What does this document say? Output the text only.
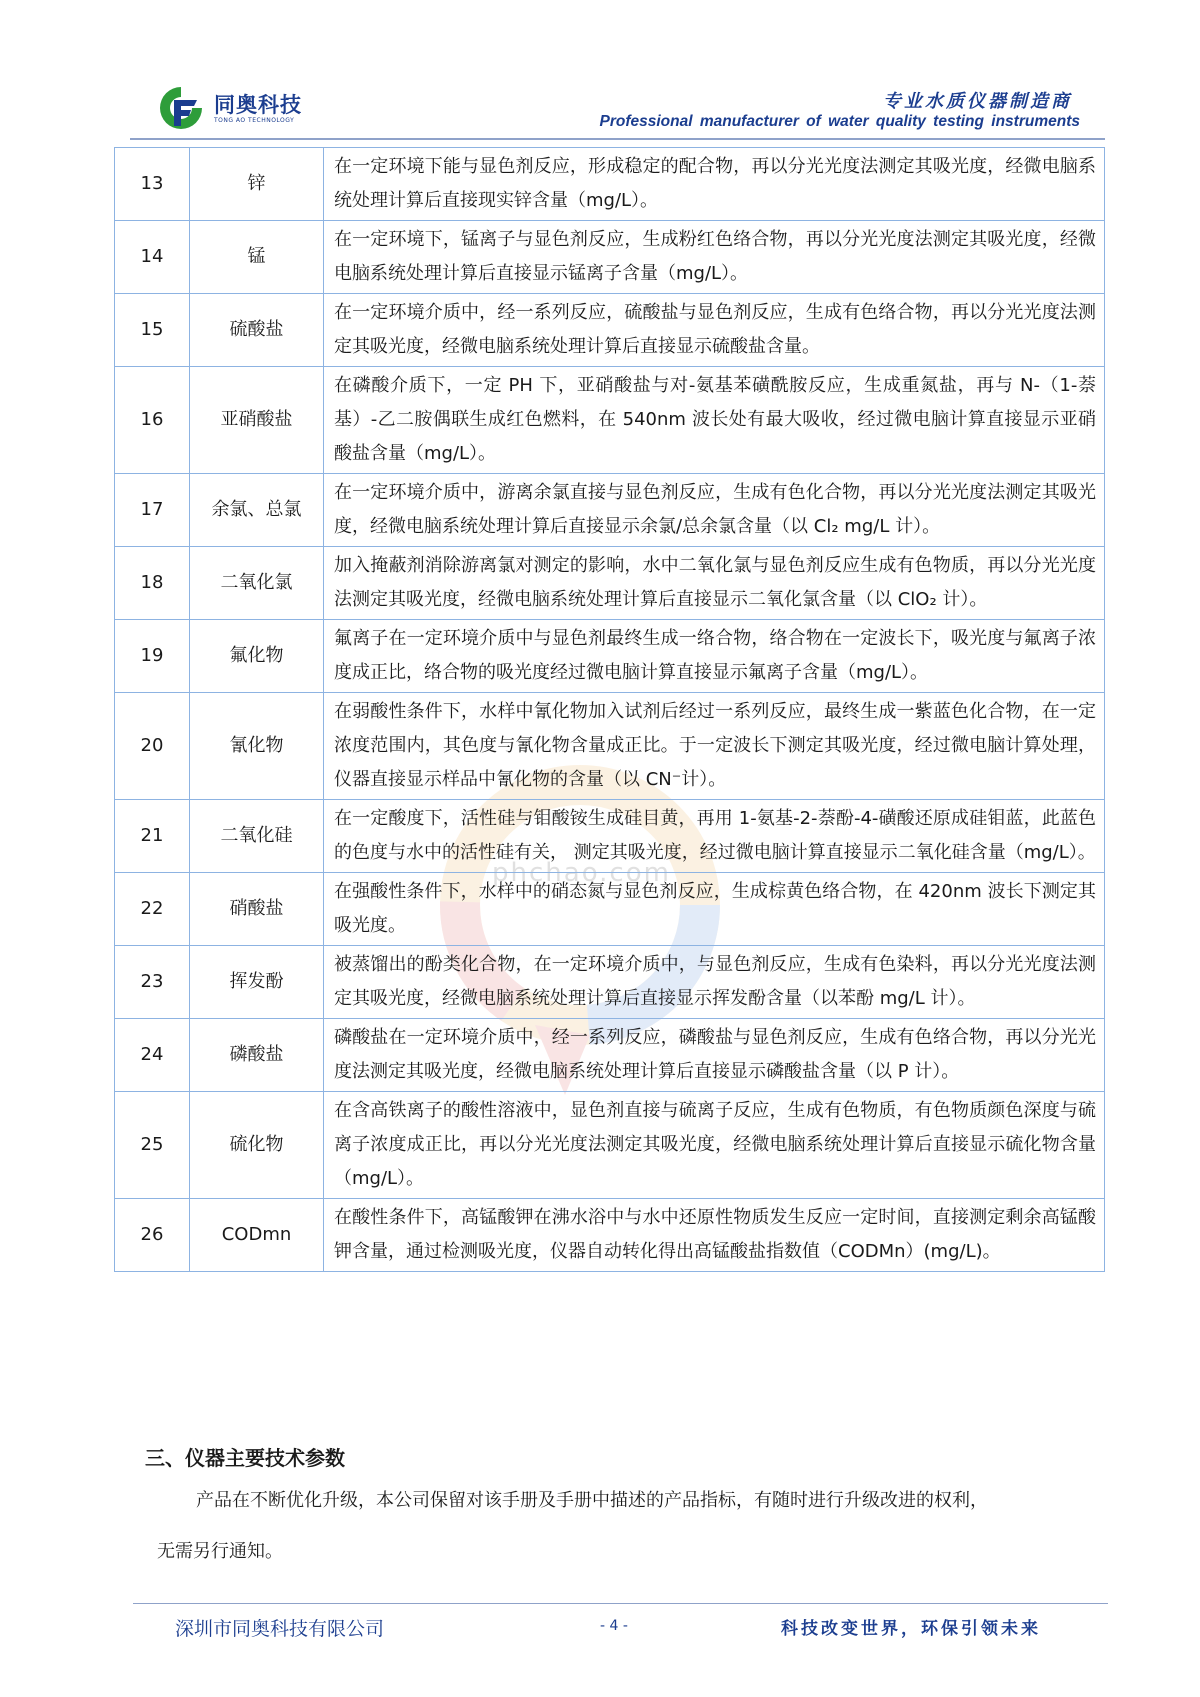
同奥科技
TONG AO TECHNOLOGY
专业水质仪器制造商
Professional manufacturer of water quality testing instruments
phchao.com
13	锌	在一定环境下能与显色剂反应，形成稳定的配合物，再以分光光度法测定其吸光度，经微电脑系统处理计算后直接现实锌含量（mg/L）。
14	锰	在一定环境下，锰离子与显色剂反应，生成粉红色络合物，再以分光光度法测定其吸光度，经微电脑系统处理计算后直接显示锰离子含量（mg/L）。
15	硫酸盐	在一定环境介质中，经一系列反应，硫酸盐与显色剂反应，生成有色络合物，再以分光光度法测定其吸光度，经微电脑系统处理计算后直接显示硫酸盐含量。
16	亚硝酸盐	在磷酸介质下，一定 PH 下，亚硝酸盐与对-氨基苯磺酰胺反应，生成重氮盐，再与 N-（1-萘基）-乙二胺偶联生成红色燃料，在 540nm 波长处有最大吸收，经过微电脑计算直接显示亚硝酸盐含量（mg/L）。
17	余氯、总氯	在一定环境介质中，游离余氯直接与显色剂反应，生成有色化合物，再以分光光度法测定其吸光度，经微电脑系统处理计算后直接显示余氯/总余氯含量（以 Cl₂ mg/L 计）。
18	二氧化氯	加入掩蔽剂消除游离氯对测定的影响，水中二氧化氯与显色剂反应生成有色物质，再以分光光度法测定其吸光度，经微电脑系统处理计算后直接显示二氧化氯含量（以 ClO₂ 计）。
19	氟化物	氟离子在一定环境介质中与显色剂最终生成一络合物，络合物在一定波长下，吸光度与氟离子浓度成正比，络合物的吸光度经过微电脑计算直接显示氟离子含量（mg/L）。
20	氰化物	在弱酸性条件下，水样中氰化物加入试剂后经过一系列反应，最终生成一紫蓝色化合物，在一定浓度范围内，其色度与氰化物含量成正比。于一定波长下测定其吸光度，经过微电脑计算处理，仪器直接显示样品中氰化物的含量（以 CN⁻计）。
21	二氧化硅	在一定酸度下，活性硅与钼酸铵生成硅目黄，再用 1-氨基-2-萘酚-4-磺酸还原成硅钼蓝，此蓝色的色度与水中的活性硅有关， 测定其吸光度，经过微电脑计算直接显示二氧化硅含量（mg/L）。
22	硝酸盐	在强酸性条件下，水样中的硝态氮与显色剂反应，生成棕黄色络合物，在 420nm 波长下测定其吸光度。
23	挥发酚	被蒸馏出的酚类化合物，在一定环境介质中，与显色剂反应，生成有色染料，再以分光光度法测定其吸光度，经微电脑系统处理计算后直接显示挥发酚含量（以苯酚 mg/L 计）。
24	磷酸盐	磷酸盐在一定环境介质中，经一系列反应，磷酸盐与显色剂反应，生成有色络合物，再以分光光度法测定其吸光度，经微电脑系统处理计算后直接显示磷酸盐含量（以 P 计）。
25	硫化物	在含高铁离子的酸性溶液中，显色剂直接与硫离子反应，生成有色物质，有色物质颜色深度与硫离子浓度成正比，再以分光光度法测定其吸光度，经微电脑系统处理计算后直接显示硫化物含量（mg/L）。
26	CODmn	在酸性条件下，高锰酸钾在沸水浴中与水中还原性物质发生反应一定时间，直接测定剩余高锰酸钾含量，通过检测吸光度，仪器自动转化得出高锰酸盐指数值（CODMn）(mg/L)。
三、仪器主要技术参数
产品在不断优化升级，本公司保留对该手册及手册中描述的产品指标，有随时进行升级改进的权利，
无需另行通知。
深圳市同奥科技有限公司	- 4 -	科技改变世界，环保引领未来
